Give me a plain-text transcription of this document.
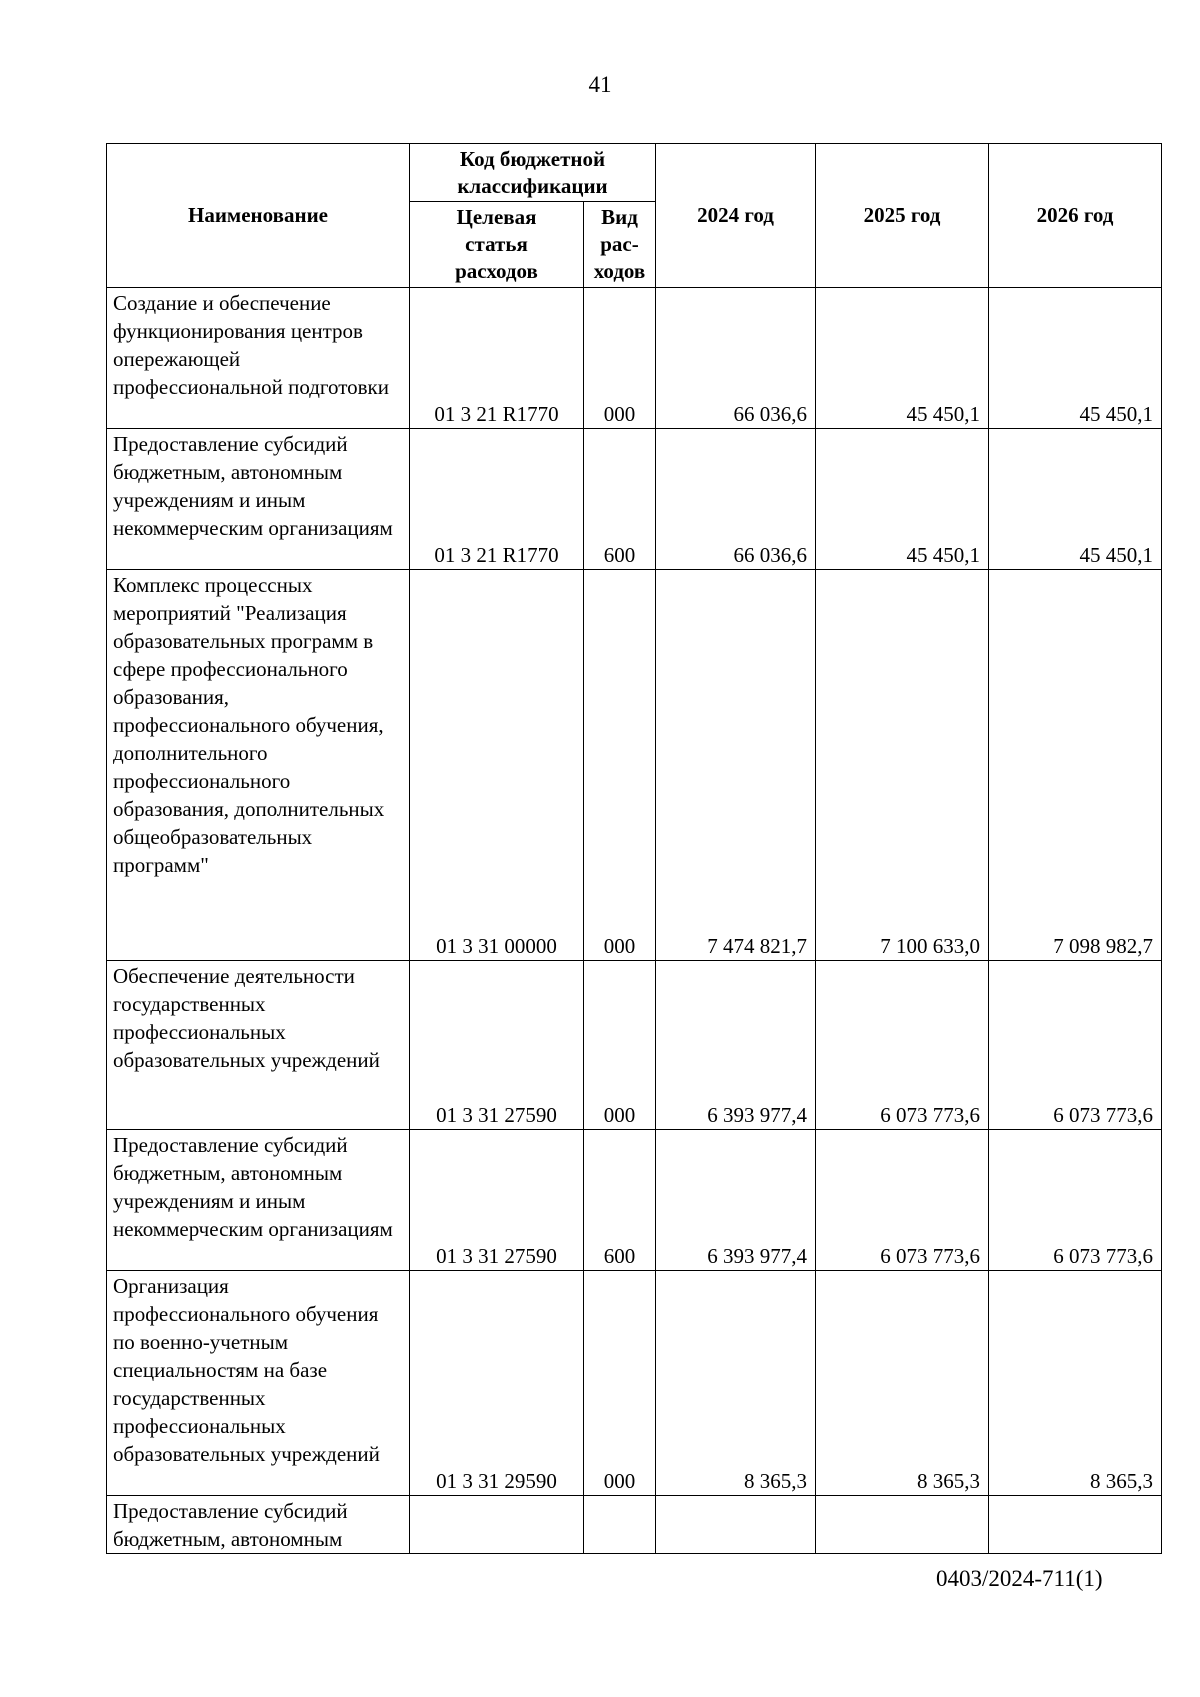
41
Наименование	Код бюджетной классификации		2024 год	2025 год	2026 год
	Целевая статья расходов	Вид рас-ходов			
Создание и обеспечение функционирования центров опережающей профессиональной подготовки	01 3 21 R1770	000	66 036,6	45 450,1	45 450,1
Предоставление субсидий бюджетным, автономным учреждениям и иным некоммерческим организациям	01 3 21 R1770	600	66 036,6	45 450,1	45 450,1
Комплекс процессных мероприятий "Реализация образовательных программ в сфере профессионального образования, профессионального обучения, дополнительного профессионального образования, дополнительных общеобразовательных программ"	01 3 31 00000	000	7 474 821,7	7 100 633,0	7 098 982,7
Обеспечение деятельности государственных профессиональных образовательных учреждений	01 3 31 27590	000	6 393 977,4	6 073 773,6	6 073 773,6
Предоставление субсидий бюджетным, автономным учреждениям и иным некоммерческим организациям	01 3 31 27590	600	6 393 977,4	6 073 773,6	6 073 773,6
Организация профессионального обучения по военно-учетным специальностям на базе государственных профессиональных образовательных учреждений	01 3 31 29590	000	8 365,3	8 365,3	8 365,3
Предоставление субсидий бюджетным, автономным					
0403/2024-711(1)
